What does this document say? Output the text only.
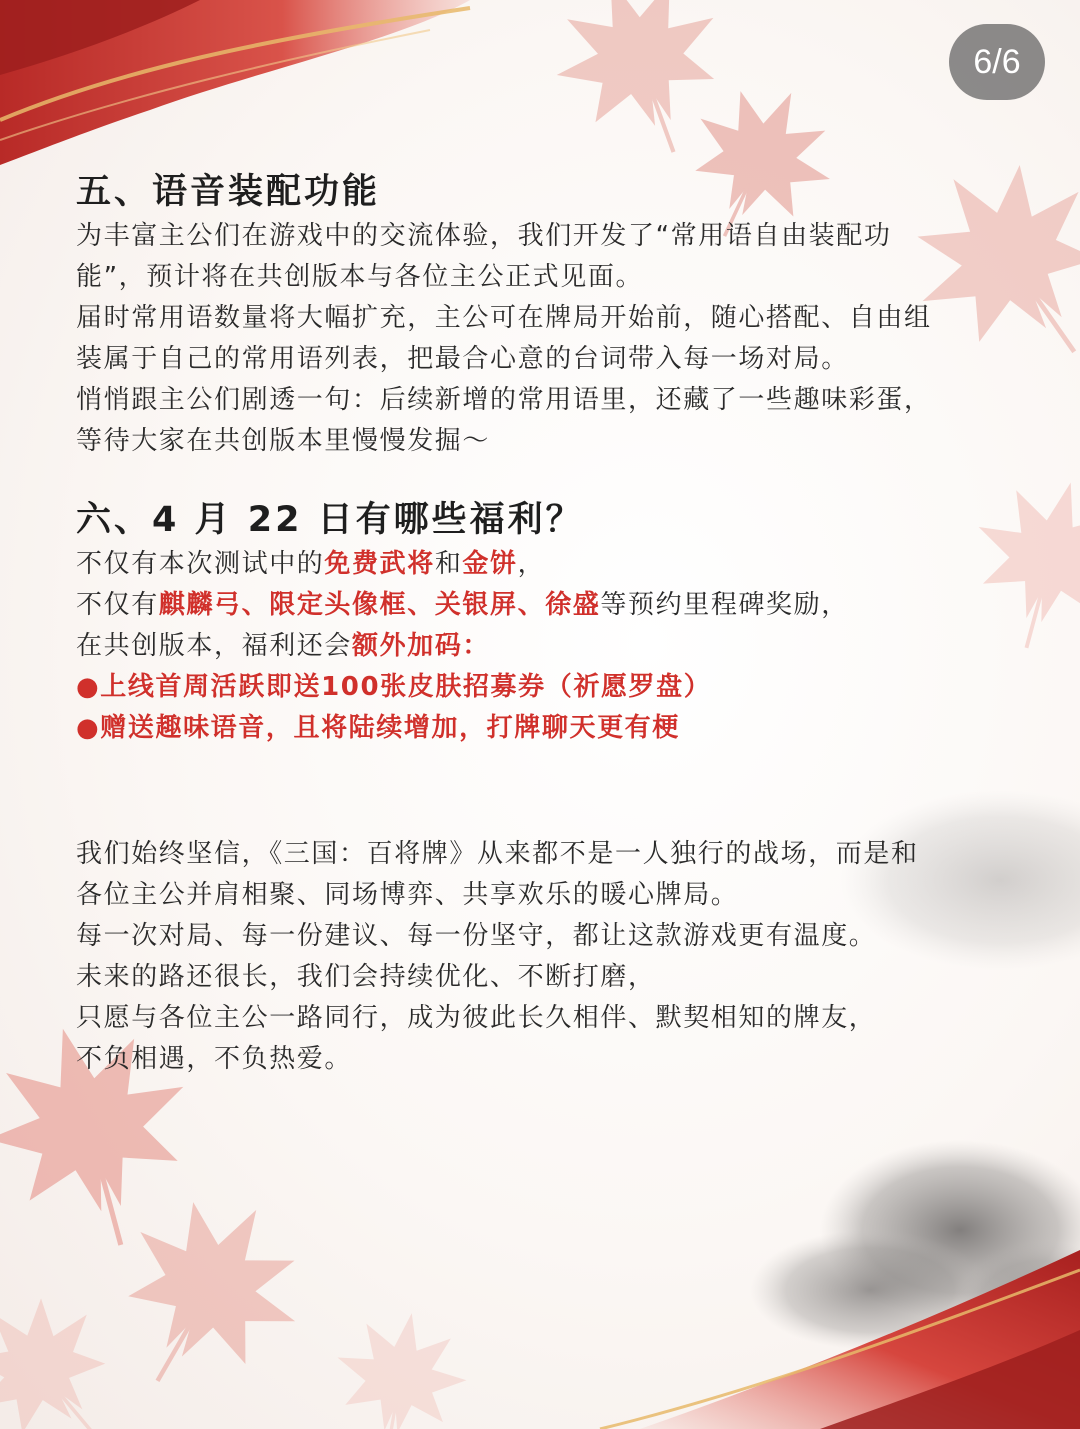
6/6
五、语音装配功能
为丰富主公们在游戏中的交流体验，我们开发了“常用语自由装配功
能”，预计将在共创版本与各位主公正式见面。
届时常用语数量将大幅扩充，主公可在牌局开始前，随心搭配、自由组
装属于自己的常用语列表，把最合心意的台词带入每一场对局。
悄悄跟主公们剧透一句：后续新增的常用语里，还藏了一些趣味彩蛋，
等待大家在共创版本里慢慢发掘～
六、4 月 22 日有哪些福利？
不仅有本次测试中的免费武将和金饼，
不仅有麒麟弓、限定头像框、关银屏、徐盛等预约里程碑奖励，
在共创版本，福利还会额外加码：
●上线首周活跃即送100张皮肤招募券（祈愿罗盘）
●赠送趣味语音，且将陆续增加，打牌聊天更有梗
我们始终坚信，《三国：百将牌》从来都不是一人独行的战场，而是和
各位主公并肩相聚、同场博弈、共享欢乐的暖心牌局。
每一次对局、每一份建议、每一份坚守，都让这款游戏更有温度。
未来的路还很长，我们会持续优化、不断打磨，
只愿与各位主公一路同行，成为彼此长久相伴、默契相知的牌友，
不负相遇，不负热爱。
